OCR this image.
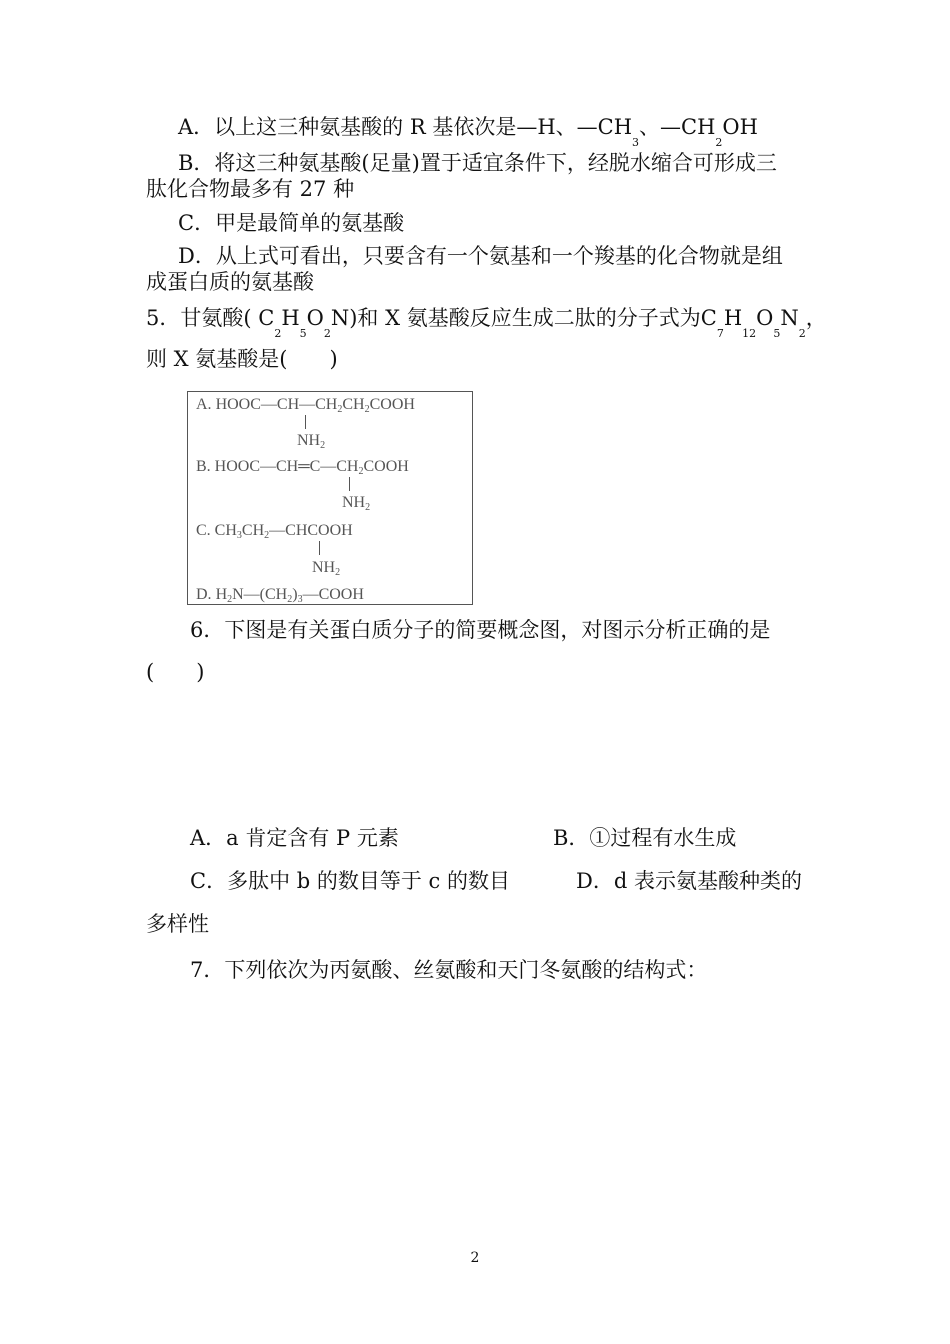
A．以上这三种氨基酸的 R 基依次是—H、$—CH_3$、$—CH_2OH$
B．将这三种氨基酸(足量)置于适宜条件下，经脱水缩合可形成三
肽化合物最多有 27 种
C．甲是最简单的氨基酸
D．从上式可看出，只要含有一个氨基和一个羧基的化合物就是组
成蛋白质的氨基酸
5．甘氨酸( $C_2H_5O_2N$)和 X 氨基酸反应生成二肽的分子式为$C_7H_{12}O_5N_2$，
则 X 氨基酸是(　　)
A. HOOC—CH—CH2CH2COOH
NH2
B. HOOC—CH═C—CH2COOH
NH2
C. CH3CH2—CHCOOH
NH2
D. H2N—(CH2)3—COOH
6．下图是有关蛋白质分子的简要概念图，对图示分析正确的是
(　　)
A．a 肯定含有 P 元素	B．①过程有水生成
C．多肽中 b 的数目等于 c 的数目	D．d 表示氨基酸种类的
多样性
7．下列依次为丙氨酸、丝氨酸和天门冬氨酸的结构式：
2
